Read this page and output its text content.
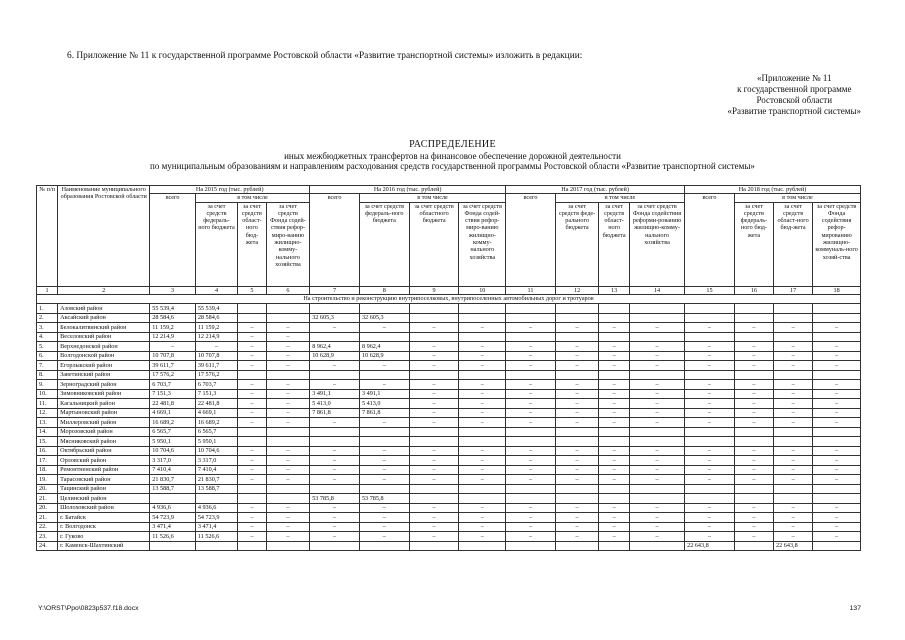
6. Приложение № 11 к государственной программе Ростовской области «Развитие транспортной системы» изложить в редакции:
«Приложение № 11
к государственной программе
Ростовской области
«Развитие транспортной системы»
РАСПРЕДЕЛЕНИЕ
иных межбюджетных трансфертов на финансовое обеспечение дорожной деятельности
по муниципальным образованиям и направлениям расходования средств государственной программы Ростовской области «Развитие транспортной системы»
№ п/п	Наименование муниципального образования Ростовской области	На 2015 год (тыс. рублей)				На 2016 год (тыс. рублей)				На 2017 год (тыс. рублей)				На 2018 год (тыс. рублей)			
		всего	в том числе			всего	в том числе			всего	в том числе			всего	в том числе		
			за счет средств федераль-ного бюджета	за счет средств област-ного бюд-жета	за счет средств Фонда содей-ствия рефор-миро-ванию жилищно-комму-нального хозяйства		за счет средств федераль-ного бюджета	за счет средств областного бюджета	за счет средств Фонда содей-ствия рефор-миро-ванию жилищно-комму-нального хозяйства		за счет средств феде-рального бюджета	за счет средств област-ного бюджета	за счет средств Фонда содействия реформи-рованию жилищно-комму-нального хозяйства		за счет средств федераль-ного бюд-жета	за счет средств област-ного бюд-жета	за счет средств Фонда содействия рефор-мированию жилищно-коммуналь-ного хозяй-ства
1	2	3	4	5	6	7	8	9	10	11	12	13	14	15	16	17	18
На строительство и реконструкцию внутрипоселковых, внутрипоселенных автомобильных дорог и тротуаров																	
1.	Азовский район	55 539,4	55 539,4														
2.	Аксайский район	28 584,6	28 584,6			32 605,3	32 605,3										
3.	Белокалитвинский район	11 159,2	11 159,2	–	–	–	–	–	–	–	–	–	–	–	–	–	–
4.	Веселовский район	12 214,9	12 214,9	–	–												
5.	Верхнедонской район	–	–	–	–	8 962,4	8 962,4	–	–	–	–	–	–	–	–	–	–
6.	Волгодонской район	10 707,8	10 707,8	–	–	10 628,9	10 628,9	–	–	–	–	–	–	–	–	–	–
7.	Егорлыкский район	39 611,7	39 611,7	–	–	–	–	–	–	–	–	–	–	–	–	–	–
8.	Заветинский район	17 576,2	17 576,2														
9.	Зерноградский район	6 703,7	6 703,7	–	–	–	–	–	–	–	–	–	–	–	–	–	–
10.	Зимовниковский район	7 151,3	7 151,3	–	–	3 491,1	3 491,1	–	–	–	–	–	–	–	–	–	–
11.	Кагальницкий район	22 481,8	22 481,8	–	–	5 413,0	5 413,0	–	–	–	–	–	–	–	–	–	–
12.	Мартыновский район	4 669,1	4 669,1	–	–	7 861,8	7 861,8	–	–	–	–	–	–	–	–	–	–
13.	Миллеровский район	16 689,2	16 689,2	–	–	–	–	–	–	–	–	–	–	–	–	–	–
14.	Морозовский район	6 565,7	6 565,7														
15.	Мясниковский район	5 950,1	5 950,1														
16.	Октябрьский район	10 704,6	10 704,6	–	–	–	–	–	–	–	–	–	–	–	–	–	–
17.	Орловский район	3 317,0	3 317,0	–	–	–	–	–	–	–	–	–	–	–	–	–	–
18.	Ремонтненский район	7 410,4	7 410,4	–	–	–	–	–	–	–	–	–	–	–	–	–	–
19.	Тарасовский район	21 830,7	21 830,7	–	–	–	–	–	–	–	–	–	–	–	–	–	–
20.	Тацинский район	13 588,7	13 588,7														
21.	Целинский район					53 785,8	53 785,8										
20.	Шолоховский район	4 936,6	4 936,6	–	–	–	–	–	–	–	–	–	–	–	–	–	–
21.	г. Батайск	54 723,9	54 723,9	–	–	–	–	–	–	–	–	–	–	–	–	–	–
22.	г. Волгодонск	3 471,4	3 471,4	–	–	–	–	–	–	–	–	–	–	–	–	–	–
23.	г. Гуково	11 526,6	11 526,6	–	–	–	–	–	–	–	–	–	–	–	–	–	–
24.	г. Каменск-Шахтинский													22 643,8		22 643,8	
Y:\ORST\Ppo\0823p537.f18.docx	137
